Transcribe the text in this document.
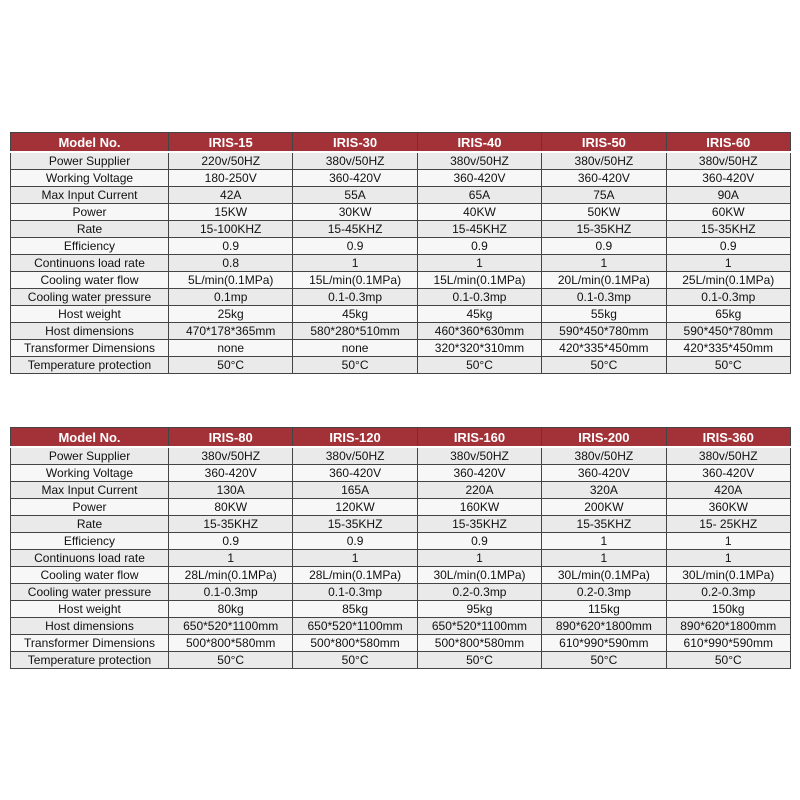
Model No.	IRIS-15	IRIS-30	IRIS-40	IRIS-50	IRIS-60
Power Supplier	220v/50HZ	380v/50HZ	380v/50HZ	380v/50HZ	380v/50HZ
Working Voltage	180-250V	360-420V	360-420V	360-420V	360-420V
Max Input Current	42A	55A	65A	75A	90A
Power	15KW	30KW	40KW	50KW	60KW
Rate	15-100KHZ	15-45KHZ	15-45KHZ	15-35KHZ	15-35KHZ
Efficiency	0.9	0.9	0.9	0.9	0.9
Continuons load rate	0.8	1	1	1	1
Cooling water flow	5L/min(0.1MPa)	15L/min(0.1MPa)	15L/min(0.1MPa)	20L/min(0.1MPa)	25L/min(0.1MPa)
Cooling water pressure	0.1mp	0.1-0.3mp	0.1-0.3mp	0.1-0.3mp	0.1-0.3mp
Host weight	25kg	45kg	45kg	55kg	65kg
Host dimensions	470*178*365mm	580*280*510mm	460*360*630mm	590*450*780mm	590*450*780mm
Transformer Dimensions	none	none	320*320*310mm	420*335*450mm	420*335*450mm
Temperature protection	50°C	50°C	50°C	50°C	50°C
Model No.	IRIS-80	IRIS-120	IRIS-160	IRIS-200	IRIS-360
Power Supplier	380v/50HZ	380v/50HZ	380v/50HZ	380v/50HZ	380v/50HZ
Working Voltage	360-420V	360-420V	360-420V	360-420V	360-420V
Max Input Current	130A	165A	220A	320A	420A
Power	80KW	120KW	160KW	200KW	360KW
Rate	15-35KHZ	15-35KHZ	15-35KHZ	15-35KHZ	15- 25KHZ
Efficiency	0.9	0.9	0.9	1	1
Continuons load rate	1	1	1	1	1
Cooling water flow	28L/min(0.1MPa)	28L/min(0.1MPa)	30L/min(0.1MPa)	30L/min(0.1MPa)	30L/min(0.1MPa)
Cooling water pressure	0.1-0.3mp	0.1-0.3mp	0.2-0.3mp	0.2-0.3mp	0.2-0.3mp
Host weight	80kg	85kg	95kg	115kg	150kg
Host dimensions	650*520*1100mm	650*520*1100mm	650*520*1100mm	890*620*1800mm	890*620*1800mm
Transformer Dimensions	500*800*580mm	500*800*580mm	500*800*580mm	610*990*590mm	610*990*590mm
Temperature protection	50°C	50°C	50°C	50°C	50°C
